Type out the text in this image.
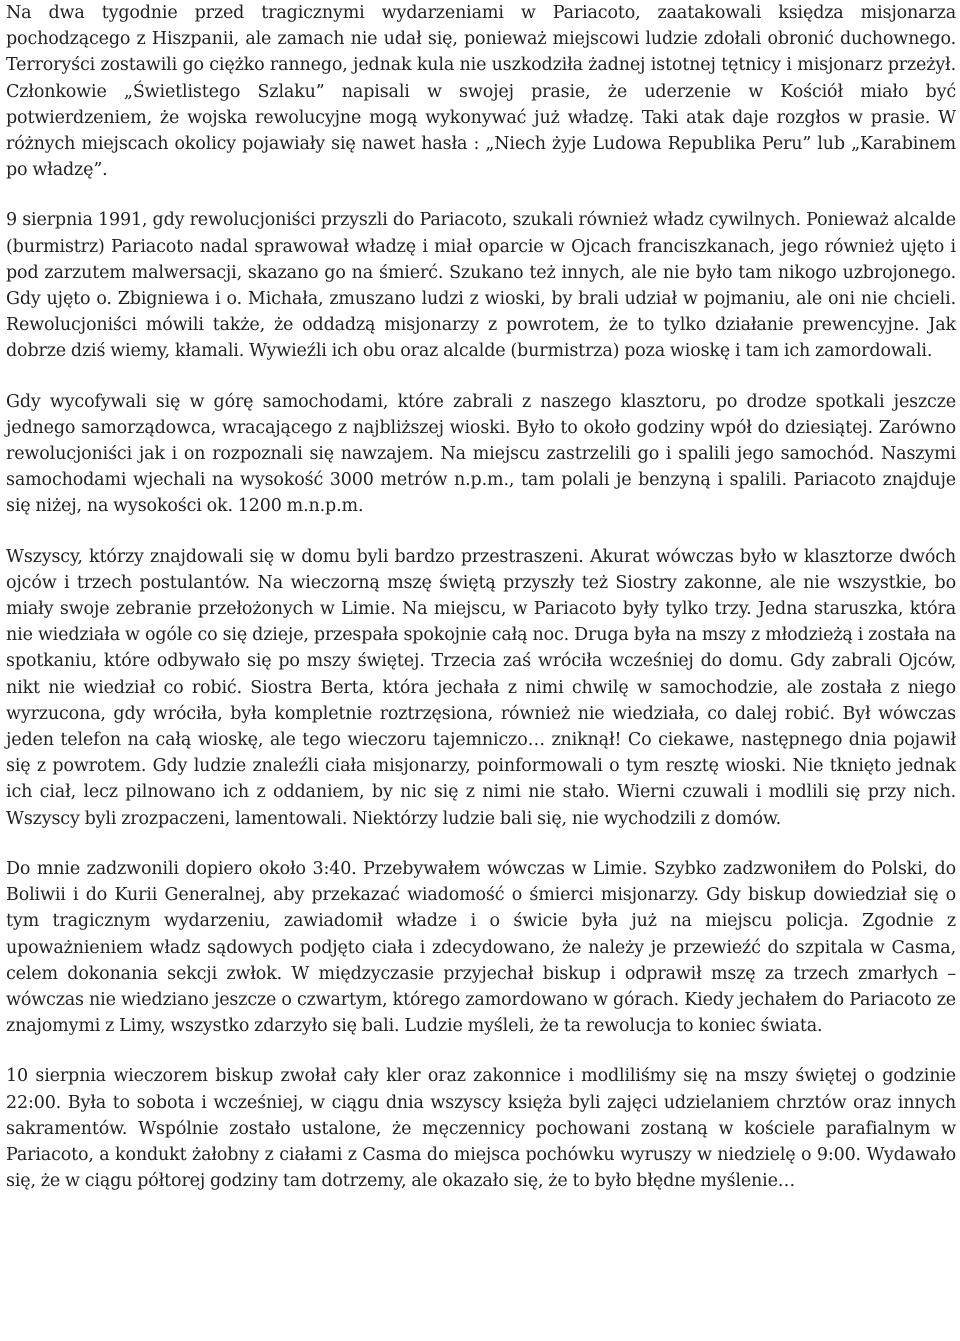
Na dwa tygodnie przed tragicznymi wydarzeniami w Pariacoto, zaatakowali księdza misjonarza pochodzącego z Hiszpanii, ale zamach nie udał się, ponieważ miejscowi ludzie zdołali obronić duchownego. Terroryści zostawili go ciężko rannego, jednak kula nie uszkodziła żadnej istotnej tętnicy i misjonarz przeżył. Członkowie „Świetlistego Szlaku” napisali w swojej prasie, że uderzenie w Kościół miało być potwierdzeniem, że wojska rewolucyjne mogą wykonywać już władzę. Taki atak daje rozgłos w prasie. W różnych miejscach okolicy pojawiały się nawet hasła : „Niech żyje Ludowa Republika Peru” lub „Karabinem po władzę”.

9 sierpnia 1991, gdy rewolucjoniści przyszli do Pariacoto, szukali również władz cywilnych. Ponieważ alcalde (burmistrz) Pariacoto nadal sprawował władzę i miał oparcie w Ojcach franciszkanach, jego również ujęto i pod zarzutem malwersacji, skazano go na śmierć. Szukano też innych, ale nie było tam nikogo uzbrojonego. Gdy ujęto o. Zbigniewa i o. Michała, zmuszano ludzi z wioski, by brali udział w pojmaniu, ale oni nie chcieli. Rewolucjoniści mówili także, że oddadzą misjonarzy z powrotem, że to tylko działanie prewencyjne. Jak dobrze dziś wiemy, kłamali. Wywieźli ich obu oraz alcalde (burmistrza) poza wioskę i tam ich zamordowali.

Gdy wycofywali się w górę samochodami, które zabrali z naszego klasztoru, po drodze spotkali jeszcze jednego samorządowca, wracającego z najbliższej wioski. Było to około godziny wpół do dziesiątej. Zarówno rewolucjoniści jak i on rozpoznali się nawzajem. Na miejscu zastrzelili go i spalili jego samochód. Naszymi samochodami wjechali na wysokość 3000 metrów n.p.m., tam polali je benzyną i spalili. Pariacoto znajduje się niżej, na wysokości ok. 1200 m.n.p.m.

Wszyscy, którzy znajdowali się w domu byli bardzo przestraszeni. Akurat wówczas było w klasztorze dwóch ojców i trzech postulantów. Na wieczorną mszę świętą przyszły też Siostry zakonne, ale nie wszystkie, bo miały swoje zebranie przełożonych w Limie. Na miejscu, w Pariacoto były tylko trzy. Jedna staruszka, która nie wiedziała w ogóle co się dzieje, przespała spokojnie całą noc. Druga była na mszy z młodzieżą i została na spotkaniu, które odbywało się po mszy świętej. Trzecia zaś wróciła wcześniej do domu. Gdy zabrali Ojców, nikt nie wiedział co robić. Siostra Berta, która jechała z nimi chwilę w samochodzie, ale została z niego wyrzucona, gdy wróciła, była kompletnie roztrzęsiona, również nie wiedziała, co dalej robić. Był wówczas jeden telefon na całą wioskę, ale tego wieczoru tajemniczo… zniknął! Co ciekawe, następnego dnia pojawił się z powrotem. Gdy ludzie znaleźli ciała misjonarzy, poinformowali o tym resztę wioski. Nie tknięto jednak ich ciał, lecz pilnowano ich z oddaniem, by nic się z nimi nie stało. Wierni czuwali i modlili się przy nich. Wszyscy byli zrozpaczeni, lamentowali. Niektórzy ludzie bali się, nie wychodzili z domów.

Do mnie zadzwonili dopiero około 3:40. Przebywałem wówczas w Limie. Szybko zadzwoniłem do Polski, do Boliwii i do Kurii Generalnej, aby przekazać wiadomość o śmierci misjonarzy. Gdy biskup dowiedział się o tym tragicznym wydarzeniu, zawiadomił władze i o świcie była już na miejscu policja. Zgodnie z upoważnieniem władz sądowych podjęto ciała i zdecydowano, że należy je przewieźć do szpitala w Casma, celem dokonania sekcji zwłok. W międzyczasie przyjechał biskup i odprawił mszę za trzech zmarłych – wówczas nie wiedziano jeszcze o czwartym, którego zamordowano w górach. Kiedy jechałem do Pariacoto ze znajomymi z Limy, wszystko zdarzyło się bali. Ludzie myśleli, że ta rewolucja to koniec świata.

10 sierpnia wieczorem biskup zwołał cały kler oraz zakonnice i modliliśmy się na mszy świętej o godzinie 22:00. Była to sobota i wcześniej, w ciągu dnia wszyscy księża byli zajęci udzielaniem chrztów oraz innych sakramentów. Wspólnie zostało ustalone, że męczennicy pochowani zostaną w kościele parafialnym w Pariacoto, a kondukt żałobny z ciałami z Casma do miejsca pochówku wyruszy w niedzielę o 9:00. Wydawało się, że w ciągu półtorej godziny tam dotrzemy, ale okazało się, że to było błędne myślenie…
